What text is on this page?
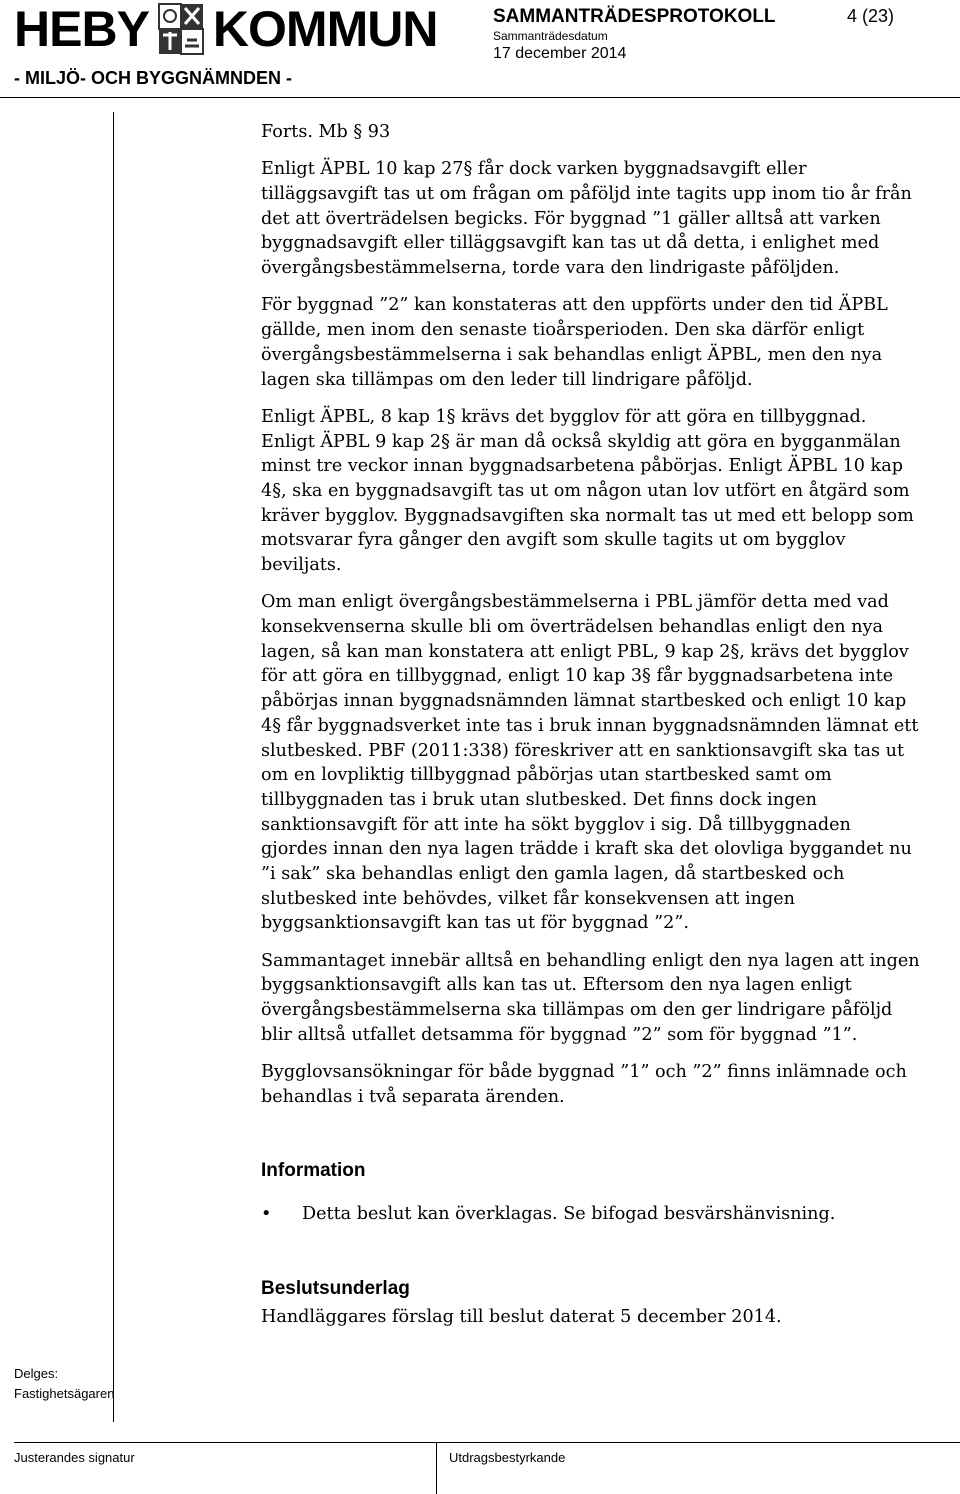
HEBY KOMMUN
- MILJÖ- OCH BYGGNÄMNDEN -
SAMMANTRÄDESPROTOKOLL	4 (23)
Sammanträdesdatum
17 december 2014

Forts. Mb § 93

Enligt ÄPBL 10 kap 27§ får dock varken byggnadsavgift eller tilläggsavgift tas ut om frågan om påföljd inte tagits upp inom tio år från det att överträdelsen begicks. För byggnad ”1 gäller alltså att varken byggnadsavgift eller tilläggsavgift kan tas ut då detta, i enlighet med övergångsbestämmelserna, torde vara den lindrigaste påföljden.

För byggnad ”2” kan konstateras att den uppförts under den tid ÄPBL gällde, men inom den senaste tioårsperioden. Den ska därför enligt övergångsbestämmelserna i sak behandlas enligt ÄPBL, men den nya lagen ska tillämpas om den leder till lindrigare påföljd.

Enligt ÄPBL, 8 kap 1§ krävs det bygglov för att göra en tillbyggnad. Enligt ÄPBL 9 kap 2§ är man då också skyldig att göra en bygganmälan minst tre veckor innan byggnadsarbetena påbörjas. Enligt ÄPBL 10 kap 4§, ska en byggnadsavgift tas ut om någon utan lov utfört en åtgärd som kräver bygglov. Byggnadsavgiften ska normalt tas ut med ett belopp som motsvarar fyra gånger den avgift som skulle tagits ut om bygglov beviljats.

Om man enligt övergångsbestämmelserna i PBL jämför detta med vad konsekvenserna skulle bli om överträdelsen behandlas enligt den nya lagen, så kan man konstatera att enligt PBL, 9 kap 2§, krävs det bygglov för att göra en tillbyggnad, enligt 10 kap 3§ får byggnadsarbetena inte påbörjas innan byggnadsnämnden lämnat startbesked och enligt 10 kap 4§ får byggnadsverket inte tas i bruk innan byggnadsnämnden lämnat ett slutbesked. PBF (2011:338) föreskriver att en sanktionsavgift ska tas ut om en lovpliktig tillbyggnad påbörjas utan startbesked samt om tillbyggnaden tas i bruk utan slutbesked. Det finns dock ingen sanktionsavgift för att inte ha sökt bygglov i sig. Då tillbyggnaden gjordes innan den nya lagen trädde i kraft ska det olovliga byggandet nu ”i sak” ska behandlas enligt den gamla lagen, då startbesked och slutbesked inte behövdes, vilket får konsekvensen att ingen byggsanktionsavgift kan tas ut för byggnad ”2”.

Sammantaget innebär alltså en behandling enligt den nya lagen att ingen byggsanktionsavgift alls kan tas ut. Eftersom den nya lagen enligt övergångsbestämmelserna ska tillämpas om den ger lindrigare påföljd blir alltså utfallet detsamma för byggnad ”2” som för byggnad ”1”.

Bygglovsansökningar för både byggnad ”1” och ”2” finns inlämnade och behandlas i två separata ärenden.

Information
•	Detta beslut kan överklagas. Se bifogad besvärshänvisning.
Beslutsunderlag
Handläggares förslag till beslut daterat 5 december 2014.
Delges:
Fastighetsägaren
Justerandes signatur	Utdragsbestyrkande
